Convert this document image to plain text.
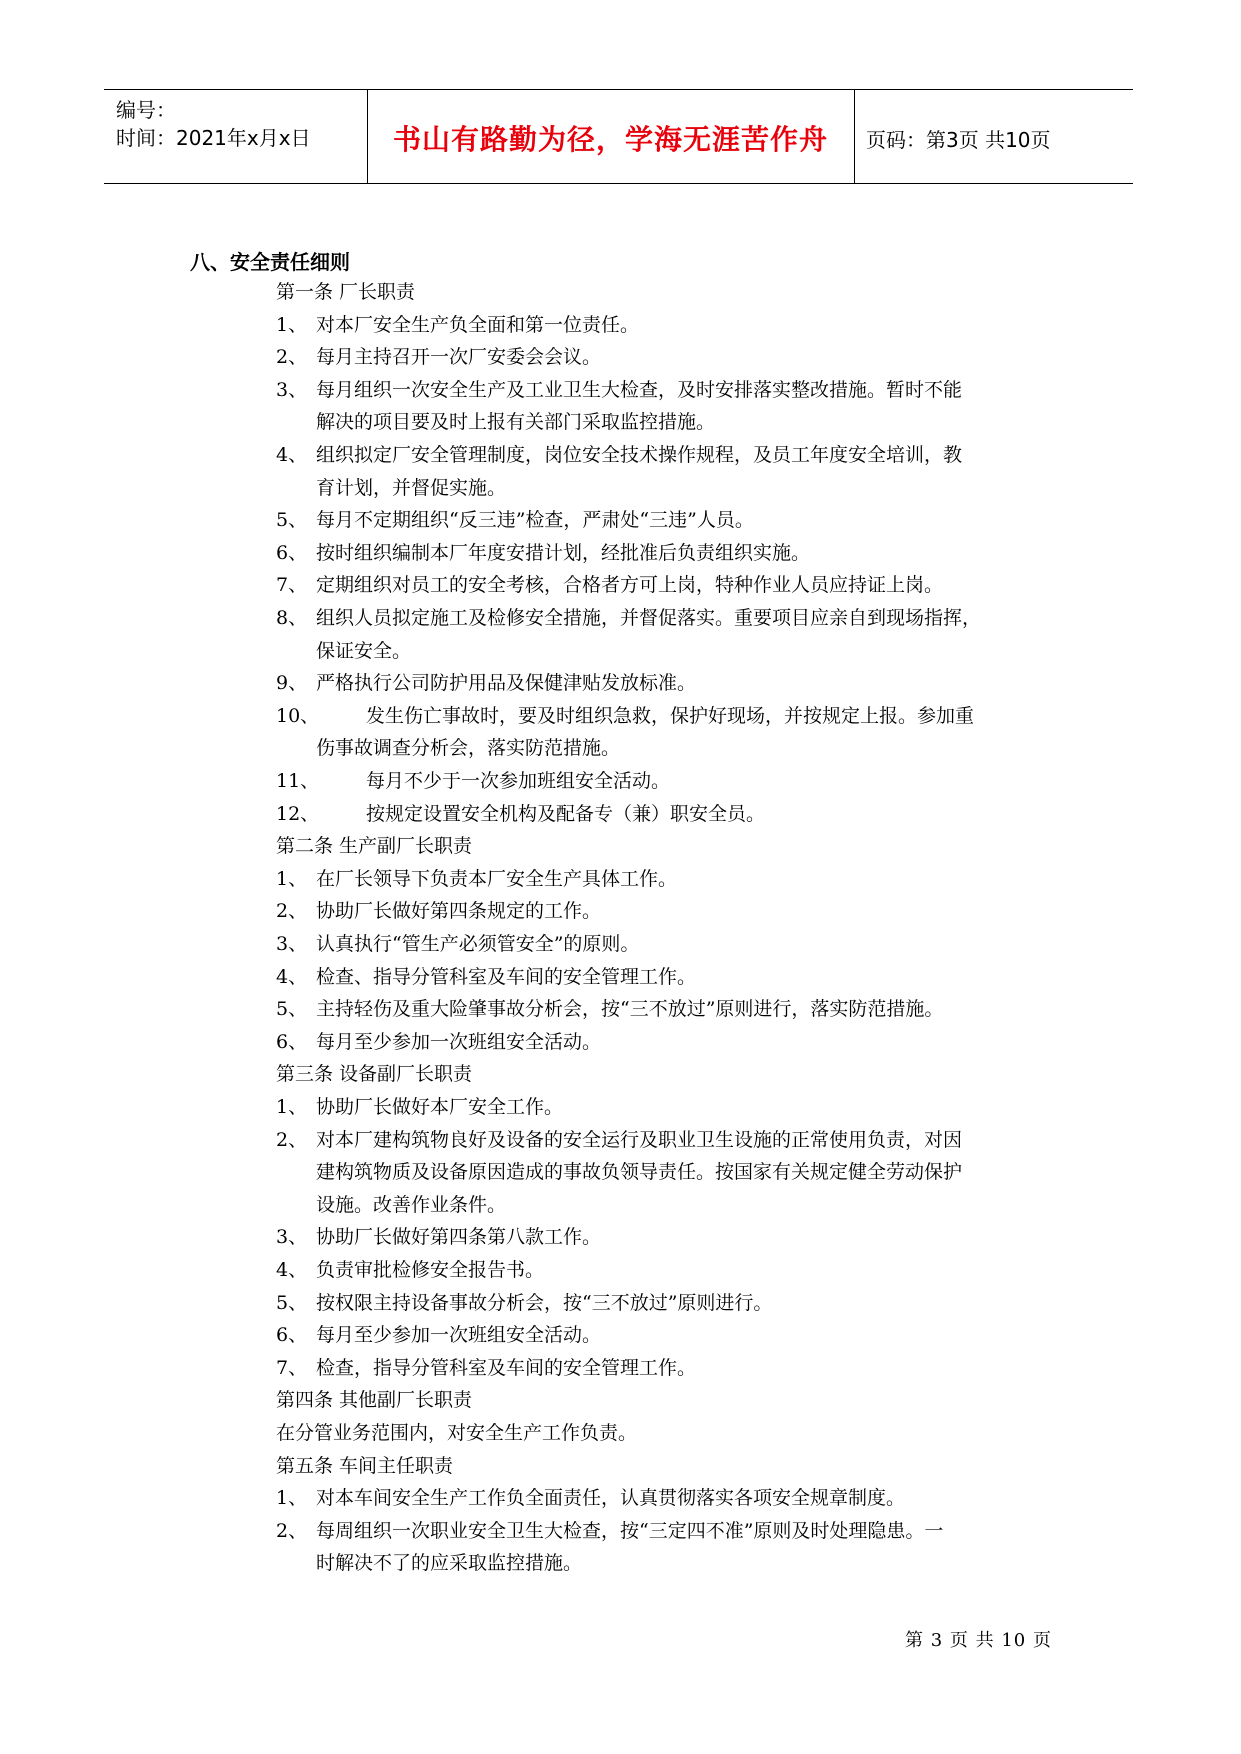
编号：
时间：2021年x月x日	书山有路勤为径，学海无涯苦作舟	页码：第3页 共10页
八、安全责任细则
第一条 厂长职责
1、 对本厂安全生产负全面和第一位责任。
2、 每月主持召开一次厂安委会会议。
3、 每月组织一次安全生产及工业卫生大检查，及时安排落实整改措施。暂时不能
解决的项目要及时上报有关部门采取监控措施。
4、 组织拟定厂安全管理制度，岗位安全技术操作规程，及员工年度安全培训，教
育计划，并督促实施。
5、 每月不定期组织“反三违”检查，严肃处“三违”人员。
6、 按时组织编制本厂年度安措计划，经批准后负责组织实施。
7、 定期组织对员工的安全考核，合格者方可上岗，特种作业人员应持证上岗。
8、 组织人员拟定施工及检修安全措施，并督促落实。重要项目应亲自到现场指挥，
保证安全。
9、 严格执行公司防护用品及保健津贴发放标准。
10、 发生伤亡事故时，要及时组织急救，保护好现场，并按规定上报。参加重
伤事故调查分析会，落实防范措施。
11、 每月不少于一次参加班组安全活动。
12、 按规定设置安全机构及配备专（兼）职安全员。
第二条 生产副厂长职责
1、 在厂长领导下负责本厂安全生产具体工作。
2、 协助厂长做好第四条规定的工作。
3、 认真执行“管生产必须管安全”的原则。
4、 检查、指导分管科室及车间的安全管理工作。
5、 主持轻伤及重大险肇事故分析会，按“三不放过”原则进行，落实防范措施。
6、 每月至少参加一次班组安全活动。
第三条 设备副厂长职责
1、 协助厂长做好本厂安全工作。
2、 对本厂建构筑物良好及设备的安全运行及职业卫生设施的正常使用负责，对因
建构筑物质及设备原因造成的事故负领导责任。按国家有关规定健全劳动保护
设施。改善作业条件。
3、 协助厂长做好第四条第八款工作。
4、 负责审批检修安全报告书。
5、 按权限主持设备事故分析会，按“三不放过”原则进行。
6、 每月至少参加一次班组安全活动。
7、 检查，指导分管科室及车间的安全管理工作。
第四条 其他副厂长职责
在分管业务范围内，对安全生产工作负责。
第五条 车间主任职责
1、 对本车间安全生产工作负全面责任，认真贯彻落实各项安全规章制度。
2、 每周组织一次职业安全卫生大检查，按“三定四不准”原则及时处理隐患。一
时解决不了的应采取监控措施。
第 3 页 共 10 页
